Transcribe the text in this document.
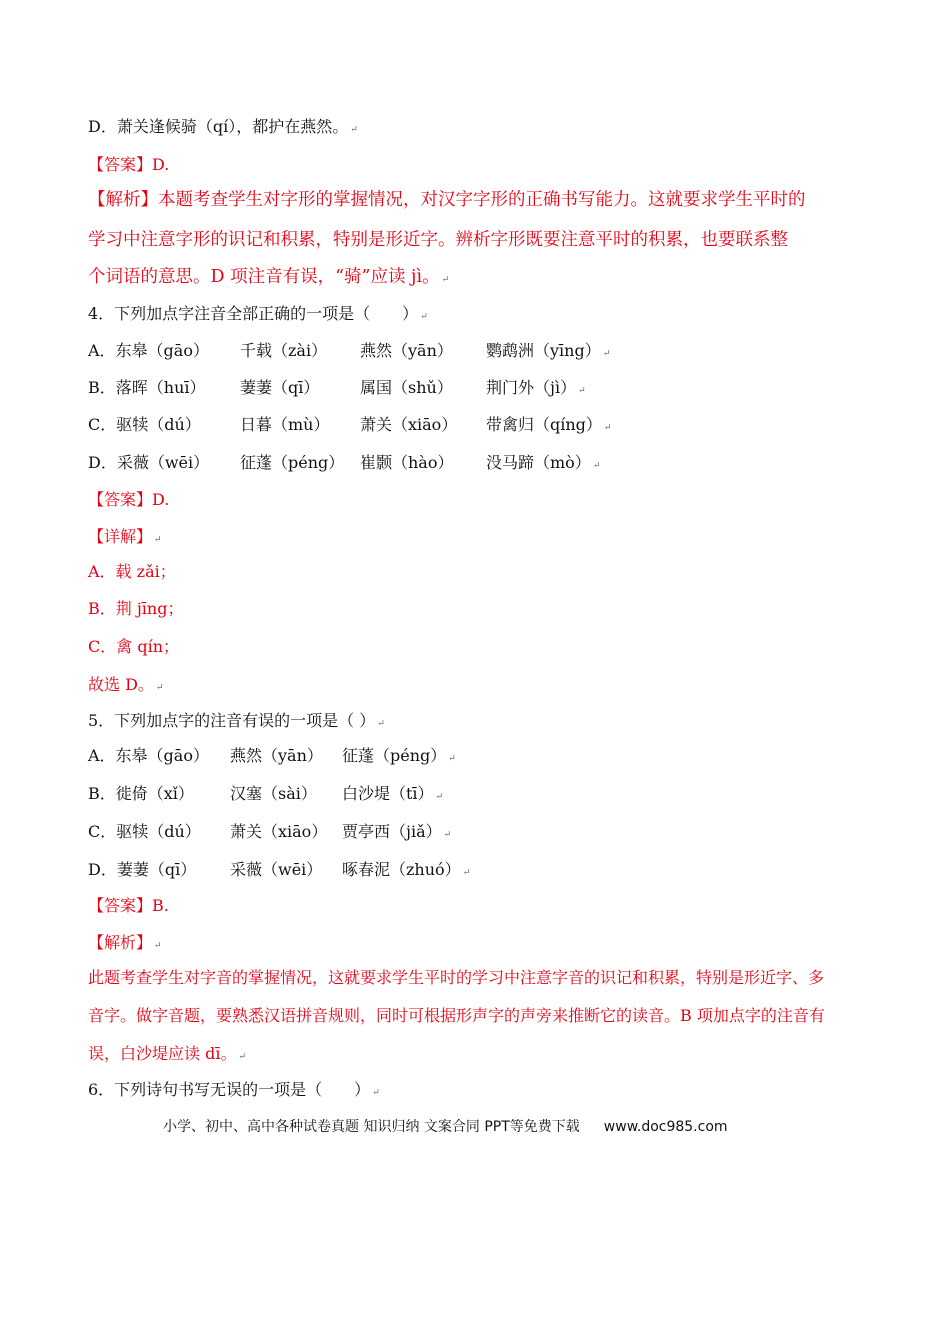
D．萧关逢候骑（qí），都护在燕然。 ↵
【答案】D.
【解析】本题考查学生对字形的掌握情况，对汉字字形的正确书写能力。这就要求学生平时的
学习中注意字形的识记和积累，特别是形近字。辨析字形既要注意平时的积累，也要联系整
个词语的意思。D 项注音有误，“骑”应读 jì。 ↵
4．下列加点字注音全部正确的一项是（　　） ↵
A．东皋（gāo） 千载（zài） 燕然（yān） 鹦鹉洲（yīng） ↵
B．落晖（huī） 萋萋（qī）	属国（shǔ） 荆门外（jì） ↵
C．驱犊（dú） 日暮（mù） 萧关（xiāo） 带禽归（qíng） ↵
D．采薇（wēi） 征蓬（péng） 崔颢（hào） 没马蹄（mò） ↵
【答案】D.
【详解】 ↵
A．载 zǎi；
B．荆 jīng；
C．禽 qín；
故选 D。 ↵
5．下列加点字的注音有误的一项是（ ） ↵
A．东皋（gāo） 燕然（yān） 征蓬（péng） ↵
B．徙倚（xǐ） 汉塞（sài） 白沙堤（tī） ↵
C．驱犊（dú） 萧关（xiāo） 贾亭西（jiǎ） ↵
D．萋萋（qī） 采薇（wēi） 啄春泥（zhuó） ↵
【答案】B.
【解析】 ↵
此题考查学生对字音的掌握情况，这就要求学生平时的学习中注意字音的识记和积累，特别是形近字、多
音字。做字音题，要熟悉汉语拼音规则，同时可根据形声字的声旁来推断它的读音。B 项加点字的注音有
误，白沙堤应读 dī。 ↵
6．下列诗句书写无误的一项是（　　） ↵
小学、初中、高中各种试卷真题 知识归纳 文案合同 PPT等免费下载 www.doc985.com
